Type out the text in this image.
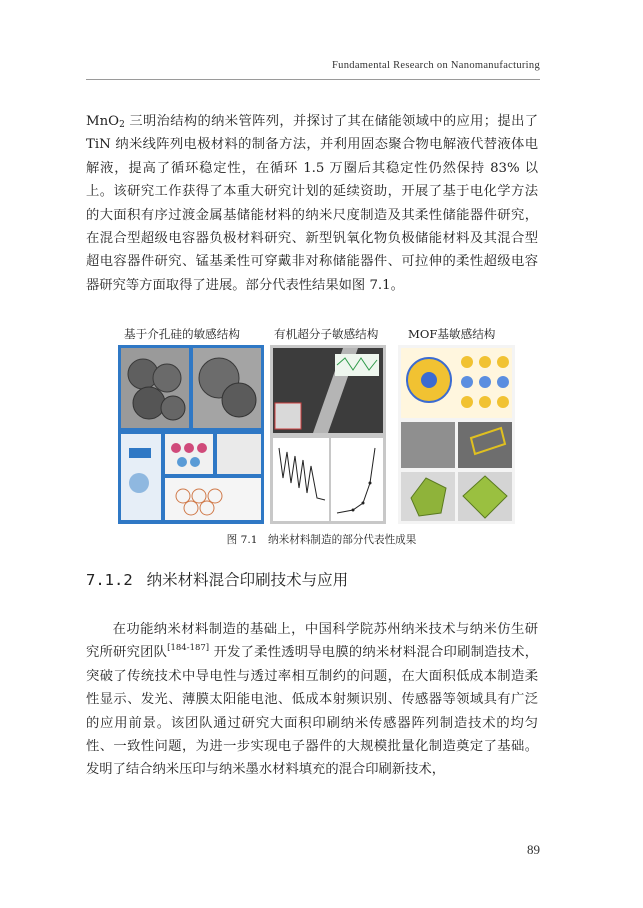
Fundamental Research on Nanomanufacturing

MnO$_2$ 三明治结构的纳米管阵列，并探讨了其在储能领域中的应用；提出了 TiN 纳米线阵列电极材料的制备方法，并利用固态聚合物电解液代替液体电解液，提高了循环稳定性，在循环 1.5 万圈后其稳定性仍然保持 83% 以上。该研究工作获得了本重大研究计划的延续资助，开展了基于电化学方法的大面积有序过渡金属基储能材料的纳米尺度制造及其柔性储能器件研究，在混合型超级电容器负极材料研究、新型钒氧化物负极储能材料及其混合型超电容器件研究、锰基柔性可穿戴非对称储能器件、可拉伸的柔性超级电容器研究等方面取得了进展。部分代表性结果如图 7.1。

基于介孔硅的敏感结构	有机超分子敏感结构	MOF基敏感结构
图 7.1　纳米材料制造的部分代表性成果
7.1.2 纳米材料混合印刷技术与应用

在功能纳米材料制造的基础上，中国科学院苏州纳米技术与纳米仿生研究所研究团队[184-187] 开发了柔性透明导电膜的纳米材料混合印刷制造技术，突破了传统技术中导电性与透过率相互制约的问题，在大面积低成本制造柔性显示、发光、薄膜太阳能电池、低成本射频识别、传感器等领域具有广泛的应用前景。该团队通过研究大面积印刷纳米传感器阵列制造技术的均匀性、一致性问题，为进一步实现电子器件的大规模批量化制造奠定了基础。发明了结合纳米压印与纳米墨水材料填充的混合印刷新技术，

89
